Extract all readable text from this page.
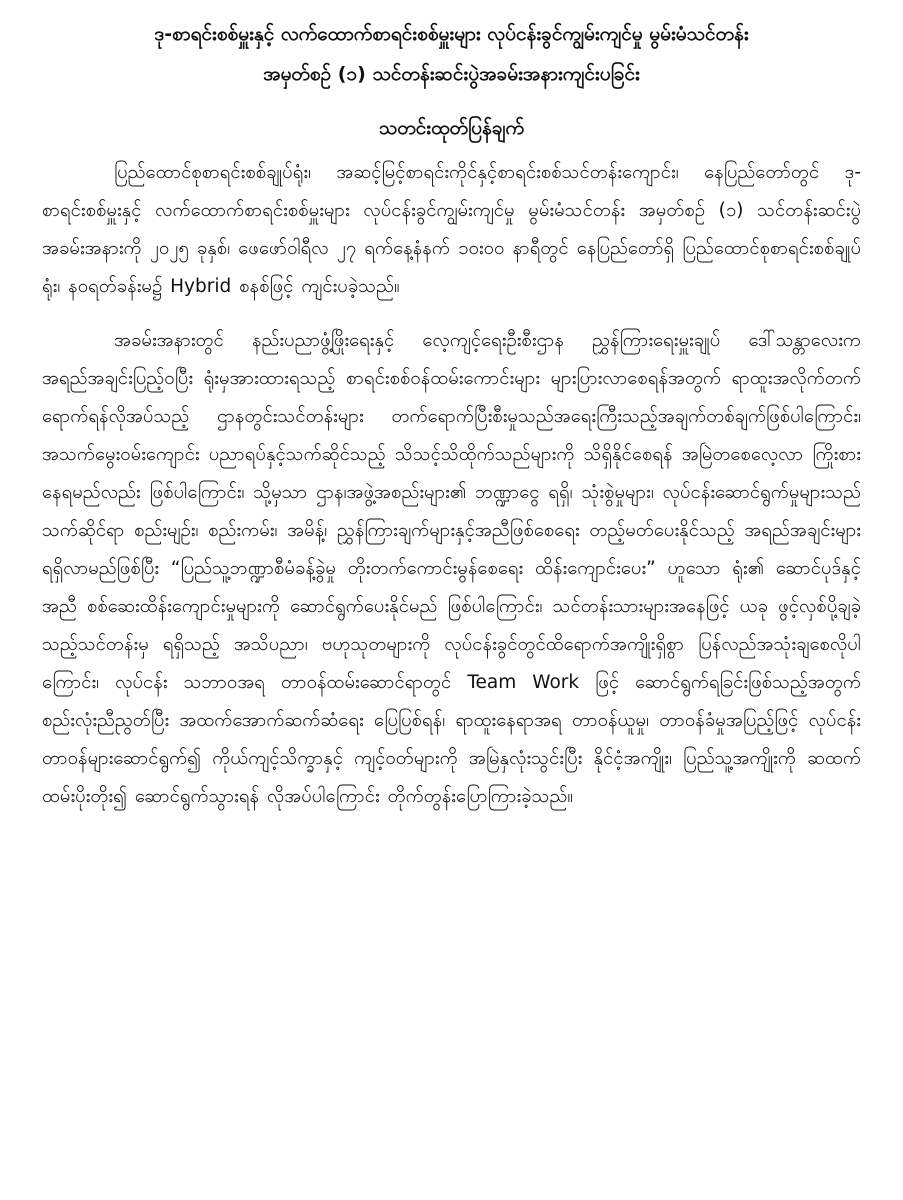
ဒု-စာရင်းစစ်မှူးနှင့် လက်ထောက်စာရင်းစစ်မှူးများ လုပ်ငန်းခွင်ကျွမ်းကျင်မှု မွမ်းမံသင်တန်း
အမှတ်စဉ် (၁) သင်တန်းဆင်းပွဲအခမ်းအနားကျင်းပခြင်း
သတင်းထုတ်ပြန်ချက်

ပြည်ထောင်စုစာရင်းစစ်ချုပ်ရုံး၊ အဆင့်မြင့်စာရင်းကိုင်နှင့်စာရင်းစစ်သင်တန်းကျောင်း၊ နေပြည်တော်တွင် ဒု-စာရင်းစစ်မှူးနှင့် လက်ထောက်စာရင်းစစ်မှူးများ လုပ်ငန်းခွင်ကျွမ်းကျင်မှု မွမ်းမံသင်တန်း အမှတ်စဉ် (၁) သင်တန်းဆင်းပွဲအခမ်းအနားကို ၂၀၂၅ ခုနှစ်၊ ဖေဖော်ဝါရီလ ၂၇ ရက်နေ့နံနက် ၁၀း၀၀ နာရီတွင် နေပြည်တော်ရှိ ပြည်ထောင်စုစာရင်းစစ်ချုပ်ရုံး၊ န၀ရတ်ခန်းမ၌ Hybrid စနစ်ဖြင့် ကျင်းပခဲ့သည်။

အခမ်းအနားတွင် နည်းပညာဖွံ့ဖြိုးရေးနှင့် လေ့ကျင့်ရေးဦးစီးဌာန ညွှန်ကြားရေးမှူးချုပ် ဒေါ်သန္တာလေးက အရည်အချင်းပြည့်ဝပြီး ရုံးမှအားထားရသည့် စာရင်းစစ်ဝန်ထမ်းကောင်းများ များပြားလာစေရန်အတွက် ရာထူးအလိုက်တက်ရောက်ရန်လိုအပ်သည့် ဌာနတွင်းသင်တန်းများ တက်ရောက်ပြီးစီးမှုသည်အရေးကြီးသည့်အချက်တစ်ချက်ဖြစ်ပါကြောင်း၊ အသက်မွေးဝမ်းကျောင်း ပညာရပ်နှင့်သက်ဆိုင်သည့် သိသင့်သိထိုက်သည်များကို သိရှိနိုင်စေရန် အမြဲတစေလေ့လာ ကြိုးစားနေရမည်လည်း ဖြစ်ပါကြောင်း၊ သို့မှသာ ဌာန၊အဖွဲ့အစည်းများ၏ ဘဏ္ဍာငွေ ရရှိ၊ သုံးစွဲမှုများ၊ လုပ်ငန်းဆောင်ရွက်မှုများသည် သက်ဆိုင်ရာ စည်းမျဉ်း၊ စည်းကမ်း၊ အမိန့်၊ ညွှန်ကြားချက်များနှင့်အညီဖြစ်စေရေး တည့်မတ်ပေးနိုင်သည့် အရည်အချင်းများ ရရှိလာမည်ဖြစ်ပြီး “ပြည်သူ့ဘဏ္ဍာစီမံခန့်ခွဲမှု တိုးတက်ကောင်းမွန်စေရေး ထိန်းကျောင်းပေး” ဟူသော ရုံး၏ ဆောင်ပုဒ်နှင့်အညီ စစ်ဆေးထိန်းကျောင်းမှုများကို ဆောင်ရွက်ပေးနိုင်မည် ဖြစ်ပါကြောင်း၊ သင်တန်းသားများအနေဖြင့် ယခု ဖွင့်လှစ်ပို့ချခဲ့သည့်သင်တန်းမှ ရရှိသည့် အသိပညာ၊ ဗဟုသုတများကို လုပ်ငန်းခွင်တွင်ထိရောက်အကျိုးရှိစွာ ပြန်လည်အသုံးချစေလိုပါကြောင်း၊ လုပ်ငန်း သဘာဝအရ တာဝန်ထမ်းဆောင်ရာတွင် Team Work ဖြင့် ဆောင်ရွက်ရခြင်းဖြစ်သည့်အတွက် စည်းလုံးညီညွတ်ပြီး အထက်အောက်ဆက်ဆံရေး ပြေပြစ်ရန်၊ ရာထူးနေရာအရ တာဝန်ယူမှု၊ တာဝန်ခံမှုအပြည့်ဖြင့် လုပ်ငန်းတာဝန်များဆောင်ရွက်၍ ကိုယ်ကျင့်သိက္ခာနှင့် ကျင့်ဝတ်များကို အမြဲနှလုံးသွင်းပြီး နိုင်ငံ့အကျိုး၊ ပြည်သူ့အကျိုးကို ဆထက်ထမ်းပိုးတိုး၍ ဆောင်ရွက်သွားရန် လိုအပ်ပါကြောင်း တိုက်တွန်းပြောကြားခဲ့သည်။
